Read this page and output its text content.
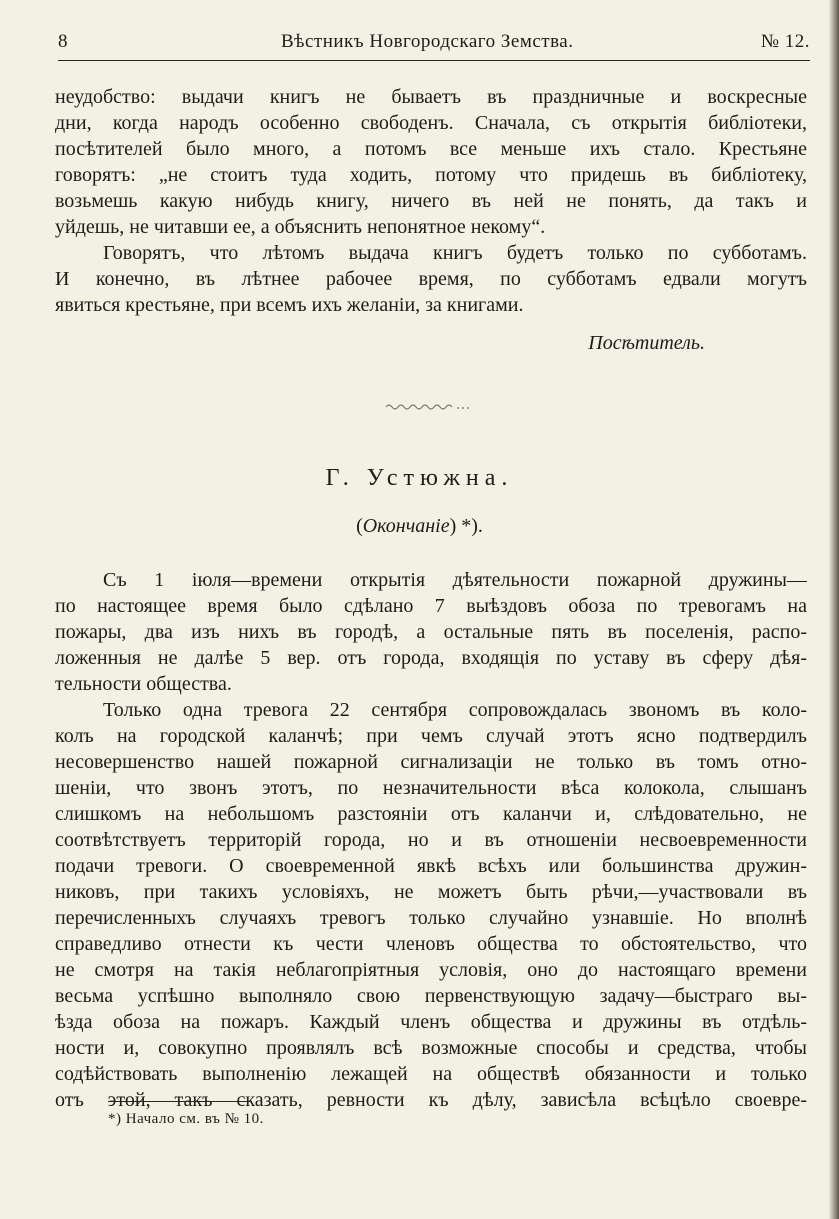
8	Вѣстникъ Новгородскаго Земства.	№ 12.
неудобство: выдачи книгъ не бываетъ въ праздничные и воскресные
дни, когда народъ особенно свободенъ. Сначала, съ открытія библіотеки,
посѣтителей было много, а потомъ все меньше ихъ стало. Крестьяне
говорятъ: „не стоитъ туда ходить, потому что придешь въ библіотеку,
возьмешь какую нибудь книгу, ничего въ ней не понять, да такъ и
уйдешь, не читавши ее, а объяснить непонятное некому“.
Говорятъ, что лѣтомъ выдача книгъ будетъ только по субботамъ.
И конечно, въ лѣтнее рабочее время, по субботамъ едвали могутъ
явиться крестьяне, при всемъ ихъ желаніи, за книгами.
Посѣтитель.
Г. Устюжна.
(Окончаніе) *).
Съ 1 іюля—времени открытія дѣятельности пожарной дружины—
по настоящее время было сдѣлано 7 выѣздовъ обоза по тревогамъ на
пожары, два изъ нихъ въ городѣ, а остальные пять въ поселенія, распо-
ложенныя не далѣе 5 вер. отъ города, входящія по уставу въ сферу дѣя-
тельности общества.
Только одна тревога 22 сентября сопровождалась звономъ въ коло-
колъ на городской каланчѣ; при чемъ случай этотъ ясно подтвердилъ
несовершенство нашей пожарной сигнализаціи не только въ томъ отно-
шеніи, что звонъ этотъ, по незначительности вѣса колокола, слышанъ
слишкомъ на небольшомъ разстояніи отъ каланчи и, слѣдовательно, не
соотвѣтствуетъ территорій города, но и въ отношеніи несвоевременности
подачи тревоги. О своевременной явкѣ всѣхъ или большинства дружин-
никовъ, при такихъ условіяхъ, не можетъ быть рѣчи,—участвовали въ
перечисленныхъ случаяхъ тревогъ только случайно узнавшіе. Но вполнѣ
справедливо отнести къ чести членовъ общества то обстоятельство, что
не смотря на такія неблагопріятныя условія, оно до настоящаго времени
весьма успѣшно выполняло свою первенствующую задачу—быстраго вы-
ѣзда обоза на пожаръ. Каждый членъ общества и дружины въ отдѣль-
ности и, совокупно проявлялъ всѣ возможные способы и средства, чтобы
содѣйствовать выполненію лежащей на обществѣ обязанности и только
отъ этой, такъ сказать, ревности къ дѣлу, зависѣла всѣцѣло своевре-
*) Начало см. въ № 10.
